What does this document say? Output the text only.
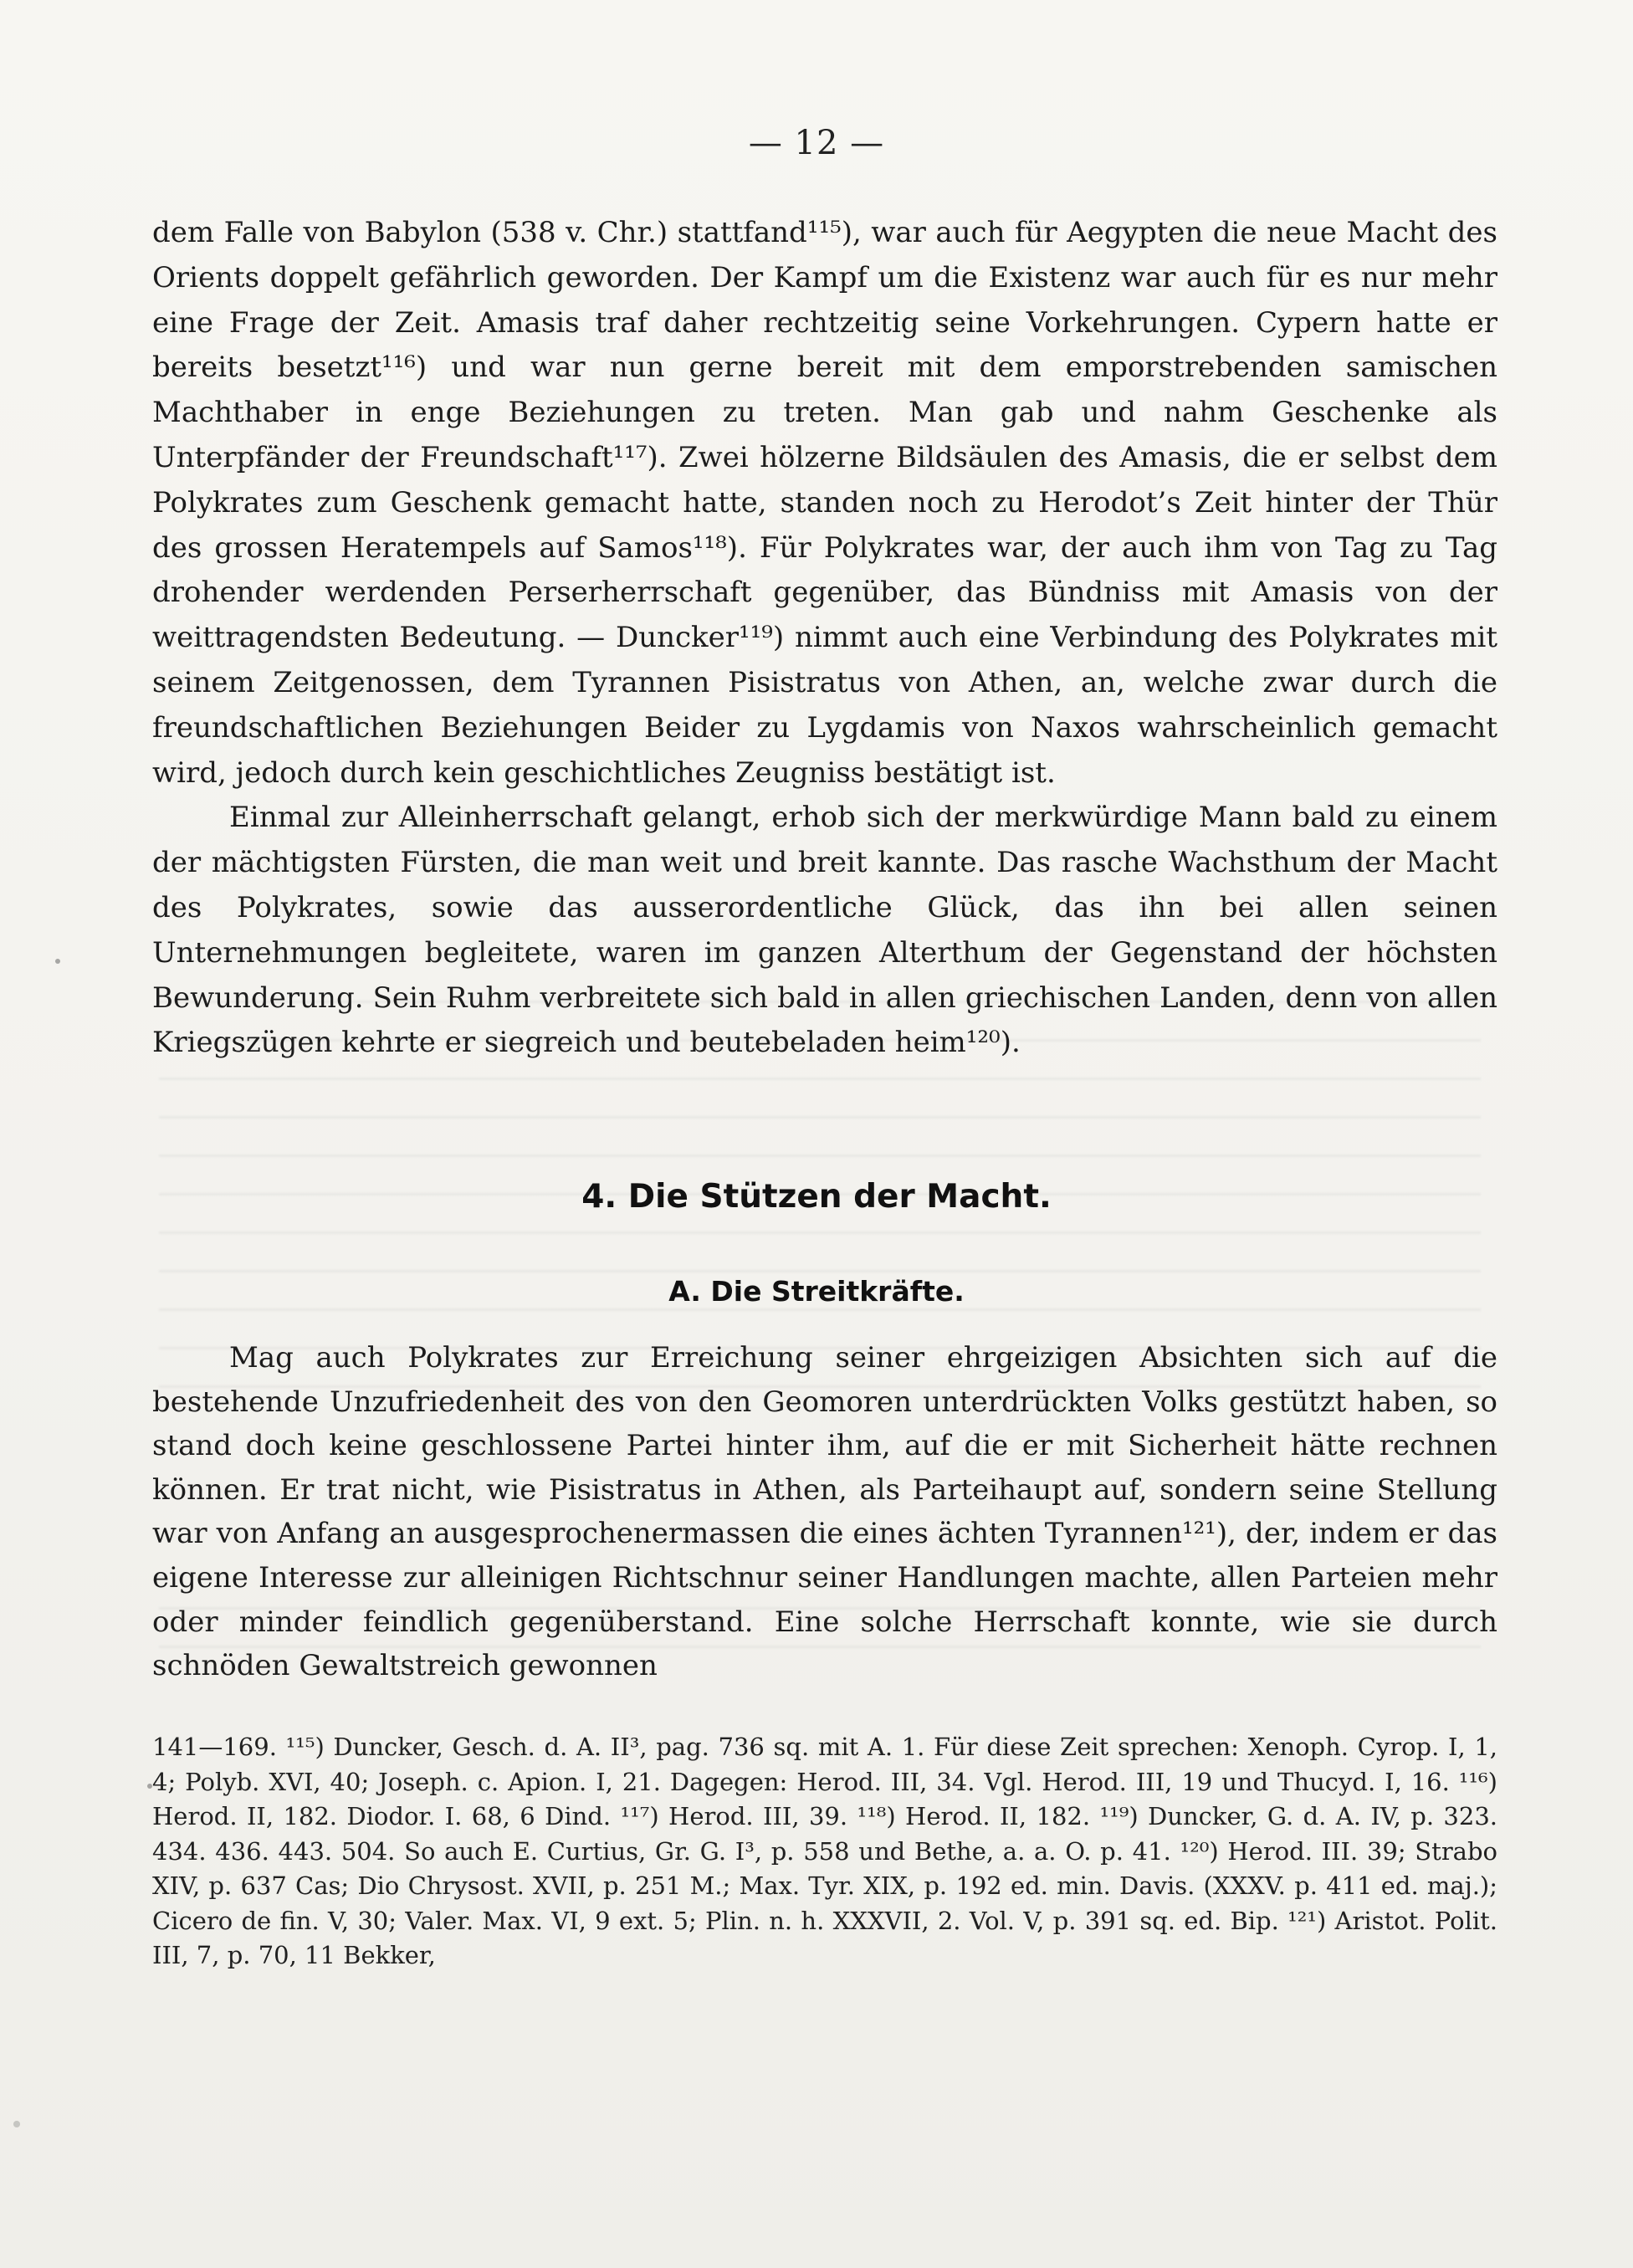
— 12 —

dem Falle von Babylon (538 v. Chr.) stattfand¹¹⁵), war auch für Aegypten die neue Macht des Orients doppelt gefährlich geworden. Der Kampf um die Existenz war auch für es nur mehr eine Frage der Zeit. Amasis traf daher rechtzeitig seine Vorkehrungen. Cypern hatte er bereits besetzt¹¹⁶) und war nun gerne bereit mit dem emporstrebenden samischen Machthaber in enge Beziehungen zu treten. Man gab und nahm Geschenke als Unterpfänder der Freundschaft¹¹⁷). Zwei hölzerne Bildsäulen des Amasis, die er selbst dem Polykrates zum Geschenk gemacht hatte, standen noch zu Herodot’s Zeit hinter der Thür des grossen Heratempels auf Samos¹¹⁸). Für Polykrates war, der auch ihm von Tag zu Tag drohender werdenden Perserherrschaft gegenüber, das Bündniss mit Amasis von der weittragendsten Bedeutung. — Duncker¹¹⁹) nimmt auch eine Verbindung des Polykrates mit seinem Zeitgenossen, dem Tyrannen Pisistratus von Athen, an, welche zwar durch die freundschaftlichen Beziehungen Beider zu Lygdamis von Naxos wahrscheinlich gemacht wird, jedoch durch kein geschichtliches Zeugniss bestätigt ist.

Einmal zur Alleinherrschaft gelangt, erhob sich der merkwürdige Mann bald zu einem der mächtigsten Fürsten, die man weit und breit kannte. Das rasche Wachsthum der Macht des Polykrates, sowie das ausserordentliche Glück, das ihn bei allen seinen Unternehmungen begleitete, waren im ganzen Alterthum der Gegenstand der höchsten Bewunderung. Sein Ruhm verbreitete sich bald in allen griechischen Landen, denn von allen Kriegszügen kehrte er siegreich und beutebeladen heim¹²⁰).

4. Die Stützen der Macht.
A. Die Streitkräfte.

Mag auch Polykrates zur Erreichung seiner ehrgeizigen Absichten sich auf die bestehende Unzufriedenheit des von den Geomoren unterdrückten Volks gestützt haben, so stand doch keine geschlossene Partei hinter ihm, auf die er mit Sicherheit hätte rechnen können. Er trat nicht, wie Pisistratus in Athen, als Parteihaupt auf, sondern seine Stellung war von Anfang an ausgesprochenermassen die eines ächten Tyrannen¹²¹), der, indem er das eigene Interesse zur alleinigen Richtschnur seiner Handlungen machte, allen Parteien mehr oder minder feindlich gegenüberstand. Eine solche Herrschaft konnte, wie sie durch schnöden Gewaltstreich gewonnen

141—169. ¹¹⁵) Duncker, Gesch. d. A. II³, pag. 736 sq. mit A. 1. Für diese Zeit sprechen: Xenoph. Cyrop. I, 1, 4; Polyb. XVI, 40; Joseph. c. Apion. I, 21. Dagegen: Herod. III, 34. Vgl. Herod. III, 19 und Thucyd. I, 16. ¹¹⁶) Herod. II, 182. Diodor. I. 68, 6 Dind. ¹¹⁷) Herod. III, 39. ¹¹⁸) Herod. II, 182. ¹¹⁹) Duncker, G. d. A. IV, p. 323. 434. 436. 443. 504. So auch E. Curtius, Gr. G. I³, p. 558 und Bethe, a. a. O. p. 41. ¹²⁰) Herod. III. 39; Strabo XIV, p. 637 Cas; Dio Chrysost. XVII, p. 251 M.; Max. Tyr. XIX, p. 192 ed. min. Davis. (XXXV. p. 411 ed. maj.); Cicero de fin. V, 30; Valer. Max. VI, 9 ext. 5; Plin. n. h. XXXVII, 2. Vol. V, p. 391 sq. ed. Bip. ¹²¹) Aristot. Polit. III, 7, p. 70, 11 Bekker,
